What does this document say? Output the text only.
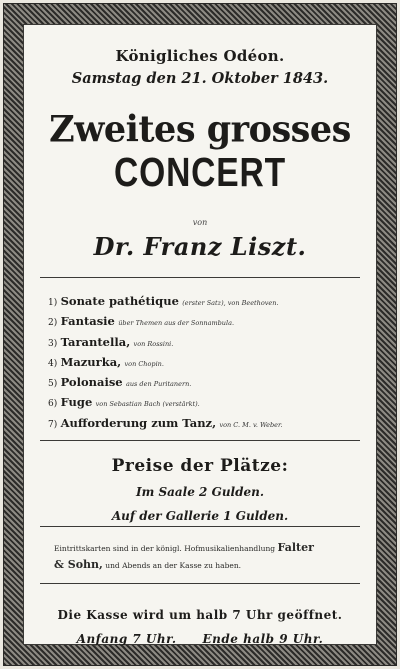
Königliches Odéon.
Samstag den 21. Oktober 1843.
Zweites grosses
CONCERT
von
Dr. Franz Liszt.
1) Sonate pathétique (erster Satz), von Beethoven.
2) Fantasie über Themen aus der Sonnambula.
3) Tarantella, von Rossini.
4) Mazurka, von Chopin.
5) Polonaise aus den Puritanern.
6) Fuge von Sebastian Bach (verstärkt).
7) Aufforderung zum Tanz, von C. M. v. Weber.
Preise der Plätze:
Im Saale 2 Gulden.
Auf der Gallerie 1 Gulden.
Eintrittskarten sind in der königl. Hofmusikalienhandlung Falter
& Sohn, und Abends an der Kasse zu haben.
Die Kasse wird um halb 7 Uhr geöffnet.
Anfang 7 Uhr. Ende halb 9 Uhr.
